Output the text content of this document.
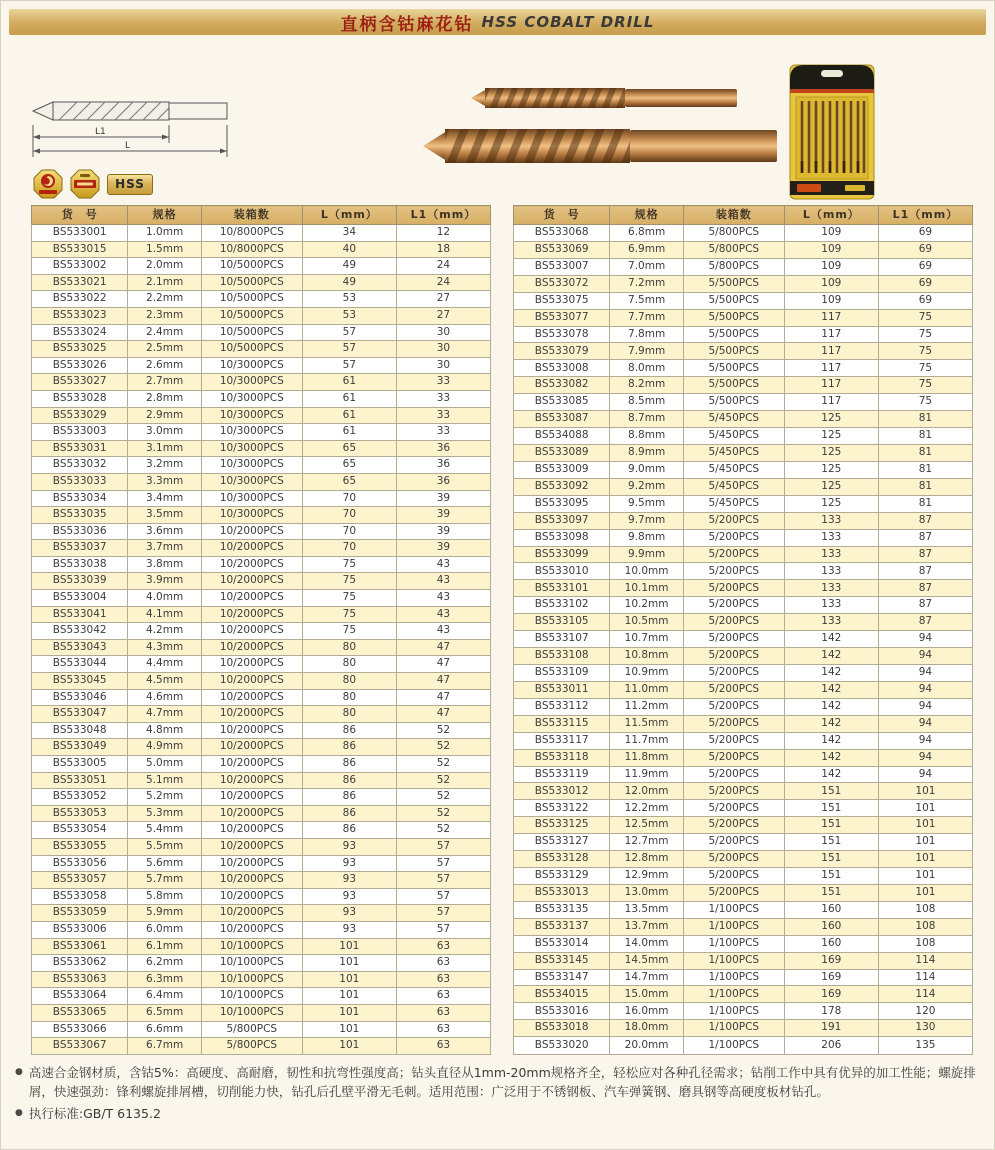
直柄含钴麻花钻 HSS COBALT DRILL
L1
L
HSS
货　号	规格	装箱数	L（mm）	L1（mm）
BS533001	1.0mm	10/8000PCS	34	12
BS533015	1.5mm	10/8000PCS	40	18
BS533002	2.0mm	10/5000PCS	49	24
BS533021	2.1mm	10/5000PCS	49	24
BS533022	2.2mm	10/5000PCS	53	27
BS533023	2.3mm	10/5000PCS	53	27
BS533024	2.4mm	10/5000PCS	57	30
BS533025	2.5mm	10/5000PCS	57	30
BS533026	2.6mm	10/3000PCS	57	30
BS533027	2.7mm	10/3000PCS	61	33
BS533028	2.8mm	10/3000PCS	61	33
BS533029	2.9mm	10/3000PCS	61	33
BS533003	3.0mm	10/3000PCS	61	33
BS533031	3.1mm	10/3000PCS	65	36
BS533032	3.2mm	10/3000PCS	65	36
BS533033	3.3mm	10/3000PCS	65	36
BS533034	3.4mm	10/3000PCS	70	39
BS533035	3.5mm	10/3000PCS	70	39
BS533036	3.6mm	10/2000PCS	70	39
BS533037	3.7mm	10/2000PCS	70	39
BS533038	3.8mm	10/2000PCS	75	43
BS533039	3.9mm	10/2000PCS	75	43
BS533004	4.0mm	10/2000PCS	75	43
BS533041	4.1mm	10/2000PCS	75	43
BS533042	4.2mm	10/2000PCS	75	43
BS533043	4.3mm	10/2000PCS	80	47
BS533044	4.4mm	10/2000PCS	80	47
BS533045	4.5mm	10/2000PCS	80	47
BS533046	4.6mm	10/2000PCS	80	47
BS533047	4.7mm	10/2000PCS	80	47
BS533048	4.8mm	10/2000PCS	86	52
BS533049	4.9mm	10/2000PCS	86	52
BS533005	5.0mm	10/2000PCS	86	52
BS533051	5.1mm	10/2000PCS	86	52
BS533052	5.2mm	10/2000PCS	86	52
BS533053	5.3mm	10/2000PCS	86	52
BS533054	5.4mm	10/2000PCS	86	52
BS533055	5.5mm	10/2000PCS	93	57
BS533056	5.6mm	10/2000PCS	93	57
BS533057	5.7mm	10/2000PCS	93	57
BS533058	5.8mm	10/2000PCS	93	57
BS533059	5.9mm	10/2000PCS	93	57
BS533006	6.0mm	10/2000PCS	93	57
BS533061	6.1mm	10/1000PCS	101	63
BS533062	6.2mm	10/1000PCS	101	63
BS533063	6.3mm	10/1000PCS	101	63
BS533064	6.4mm	10/1000PCS	101	63
BS533065	6.5mm	10/1000PCS	101	63
BS533066	6.6mm	5/800PCS	101	63
BS533067	6.7mm	5/800PCS	101	63
货　号	规格	装箱数	L（mm）	L1（mm）
BS533068	6.8mm	5/800PCS	109	69
BS533069	6.9mm	5/800PCS	109	69
BS533007	7.0mm	5/800PCS	109	69
BS533072	7.2mm	5/500PCS	109	69
BS533075	7.5mm	5/500PCS	109	69
BS533077	7.7mm	5/500PCS	117	75
BS533078	7.8mm	5/500PCS	117	75
BS533079	7.9mm	5/500PCS	117	75
BS533008	8.0mm	5/500PCS	117	75
BS533082	8.2mm	5/500PCS	117	75
BS533085	8.5mm	5/500PCS	117	75
BS533087	8.7mm	5/450PCS	125	81
BS534088	8.8mm	5/450PCS	125	81
BS533089	8.9mm	5/450PCS	125	81
BS533009	9.0mm	5/450PCS	125	81
BS533092	9.2mm	5/450PCS	125	81
BS533095	9.5mm	5/450PCS	125	81
BS533097	9.7mm	5/200PCS	133	87
BS533098	9.8mm	5/200PCS	133	87
BS533099	9.9mm	5/200PCS	133	87
BS533010	10.0mm	5/200PCS	133	87
BS533101	10.1mm	5/200PCS	133	87
BS533102	10.2mm	5/200PCS	133	87
BS533105	10.5mm	5/200PCS	133	87
BS533107	10.7mm	5/200PCS	142	94
BS533108	10.8mm	5/200PCS	142	94
BS533109	10.9mm	5/200PCS	142	94
BS533011	11.0mm	5/200PCS	142	94
BS533112	11.2mm	5/200PCS	142	94
BS533115	11.5mm	5/200PCS	142	94
BS533117	11.7mm	5/200PCS	142	94
BS533118	11.8mm	5/200PCS	142	94
BS533119	11.9mm	5/200PCS	142	94
BS533012	12.0mm	5/200PCS	151	101
BS533122	12.2mm	5/200PCS	151	101
BS533125	12.5mm	5/200PCS	151	101
BS533127	12.7mm	5/200PCS	151	101
BS533128	12.8mm	5/200PCS	151	101
BS533129	12.9mm	5/200PCS	151	101
BS533013	13.0mm	5/200PCS	151	101
BS533135	13.5mm	1/100PCS	160	108
BS533137	13.7mm	1/100PCS	160	108
BS533014	14.0mm	1/100PCS	160	108
BS533145	14.5mm	1/100PCS	169	114
BS533147	14.7mm	1/100PCS	169	114
BS534015	15.0mm	1/100PCS	169	114
BS533016	16.0mm	1/100PCS	178	120
BS533018	18.0mm	1/100PCS	191	130
BS533020	20.0mm	1/100PCS	206	135
● 高速合金钢材质，含钴5%：高硬度、高耐磨，韧性和抗弯性强度高；钻头直径从1mm-20mm规格齐全，轻松应对各种孔径需求；钻削工作中具有优异的加工性能；螺旋排屑，快速强劲：锋利螺旋排屑槽，切削能力快，钻孔后孔壁平滑无毛刺。适用范围：广泛用于不锈钢板、汽车弹簧钢、磨具钢等高硬度板材钻孔。
● 执行标准:GB/T 6135.2
